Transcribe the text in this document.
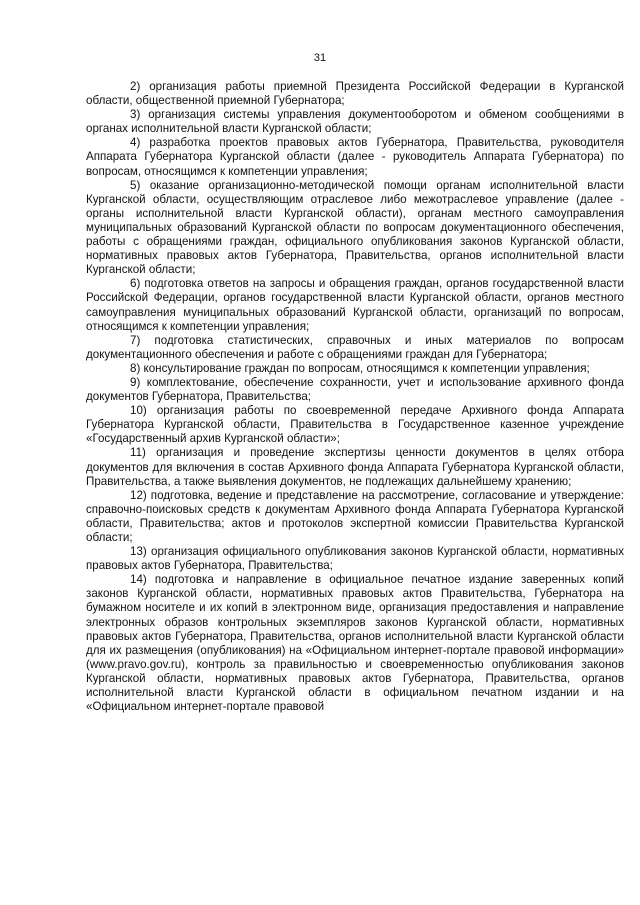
31

2) организация работы приемной Президента Российской Федерации в Курганской области, общественной приемной Губернатора;

3) организация системы управления документооборотом и обменом сообщениями в органах исполнительной власти Курганской области;

4) разработка проектов правовых актов Губернатора, Правительства, руководителя Аппарата Губернатора Курганской области (далее - руководитель Аппарата Губернатора) по вопросам, относящимся к компетенции управления;

5) оказание организационно-методической помощи органам исполнительной власти Курганской области, осуществляющим отраслевое либо межотраслевое управление (далее - органы исполнительной власти Курганской области), органам местного самоуправления муниципальных образований Курганской области по вопросам документационного обеспечения, работы с обращениями граждан, официального опубликования законов Курганской области, нормативных правовых актов Губернатора, Правительства, органов исполнительной власти Курганской области;

6) подготовка ответов на запросы и обращения граждан, органов государственной власти Российской Федерации, органов государственной власти Курганской области, органов местного самоуправления муниципальных образований Курганской области, организаций по вопросам, относящимся к компетенции управления;

7) подготовка статистических, справочных и иных материалов по вопросам документационного обеспечения и работе с обращениями граждан для Губернатора;

8) консультирование граждан по вопросам, относящимся к компетенции управления;

9) комплектование, обеспечение сохранности, учет и использование архивного фонда документов Губернатора, Правительства;

10) организация работы по своевременной передаче Архивного фонда Аппарата Губернатора Курганской области, Правительства в Государственное казенное учреждение «Государственный архив Курганской области»;

11) организация и проведение экспертизы ценности документов в целях отбора документов для включения в состав Архивного фонда Аппарата Губернатора Курганской области, Правительства, а также выявления документов, не подлежащих дальнейшему хранению;

12) подготовка, ведение и представление на рассмотрение, согласование и утверждение: справочно-поисковых средств к документам Архивного фонда Аппарата Губернатора Курганской области, Правительства; актов и протоколов экспертной комиссии Правительства Курганской области;

13) организация официального опубликования законов Курганской области, нормативных правовых актов Губернатора, Правительства;

14) подготовка и направление в официальное печатное издание заверенных копий законов Курганской области, нормативных правовых актов Правительства, Губернатора на бумажном носителе и их копий в электронном виде, организация предоставления и направление электронных образов контрольных экземпляров законов Курганской области, нормативных правовых актов Губернатора, Правительства, органов исполнительной власти Курганской области для их размещения (опубликования) на «Официальном интернет-портале правовой информации» (www.pravo.gov.ru), контроль за правильностью и своевременностью опубликования законов Курганской области, нормативных правовых актов Губернатора, Правительства, органов исполнительной власти Курганской области в официальном печатном издании и на «Официальном интернет-портале правовой
